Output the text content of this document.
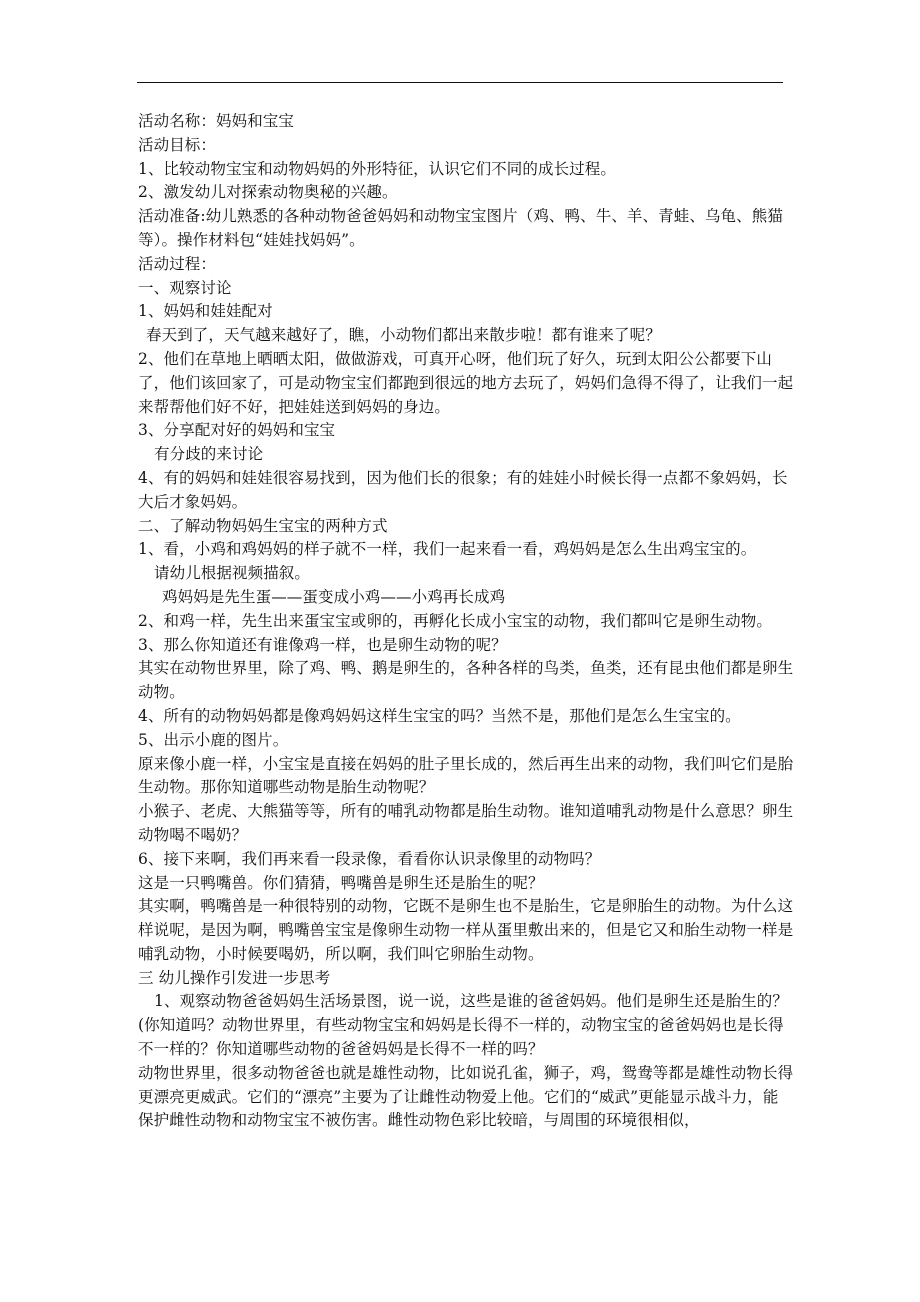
活动名称：妈妈和宝宝

活动目标：

1、比较动物宝宝和动物妈妈的外形特征，认识它们不同的成长过程。

2、激发幼儿对探索动物奥秘的兴趣。

活动准备:幼儿熟悉的各种动物爸爸妈妈和动物宝宝图片（鸡、鸭、牛、羊、青蛙、乌龟、熊猫等）。操作材料包“娃娃找妈妈”。

活动过程：

一、观察讨论

1、妈妈和娃娃配对

春天到了，天气越来越好了，瞧，小动物们都出来散步啦！都有谁来了呢？

2、他们在草地上晒晒太阳，做做游戏，可真开心呀，他们玩了好久，玩到太阳公公都要下山了，他们该回家了，可是动物宝宝们都跑到很远的地方去玩了，妈妈们急得不得了，让我们一起来帮帮他们好不好，把娃娃送到妈妈的身边。

3、分享配对好的妈妈和宝宝

有分歧的来讨论

4、有的妈妈和娃娃很容易找到，因为他们长的很象；有的娃娃小时候长得一点都不象妈妈，长大后才象妈妈。

二、了解动物妈妈生宝宝的两种方式

1、看，小鸡和鸡妈妈的样子就不一样，我们一起来看一看，鸡妈妈是怎么生出鸡宝宝的。

请幼儿根据视频描叙。

鸡妈妈是先生蛋——蛋变成小鸡——小鸡再长成鸡

2、和鸡一样，先生出来蛋宝宝或卵的，再孵化长成小宝宝的动物，我们都叫它是卵生动物。

3、那么你知道还有谁像鸡一样，也是卵生动物的呢？

其实在动物世界里，除了鸡、鸭、鹅是卵生的，各种各样的鸟类，鱼类，还有昆虫他们都是卵生动物。

4、所有的动物妈妈都是像鸡妈妈这样生宝宝的吗？当然不是，那他们是怎么生宝宝的。

5、出示小鹿的图片。

原来像小鹿一样，小宝宝是直接在妈妈的肚子里长成的，然后再生出来的动物，我们叫它们是胎生动物。那你知道哪些动物是胎生动物呢？

小猴子、老虎、大熊猫等等，所有的哺乳动物都是胎生动物。谁知道哺乳动物是什么意思？卵生动物喝不喝奶？

6、接下来啊，我们再来看一段录像，看看你认识录像里的动物吗？

这是一只鸭嘴兽。你们猜猜，鸭嘴兽是卵生还是胎生的呢？

其实啊，鸭嘴兽是一种很特别的动物，它既不是卵生也不是胎生，它是卵胎生的动物。为什么这样说呢，是因为啊，鸭嘴兽宝宝是像卵生动物一样从蛋里敷出来的，但是它又和胎生动物一样是哺乳动物，小时候要喝奶，所以啊，我们叫它卵胎生动物。

三 幼儿操作引发进一步思考

1、观察动物爸爸妈妈生活场景图，说一说，这些是谁的爸爸妈妈。他们是卵生还是胎生的？

(你知道吗？动物世界里，有些动物宝宝和妈妈是长得不一样的，动物宝宝的爸爸妈妈也是长得不一样的？你知道哪些动物的爸爸妈妈是长得不一样的吗？

动物世界里，很多动物爸爸也就是雄性动物，比如说孔雀，狮子，鸡，鸳鸯等都是雄性动物长得更漂亮更威武。它们的“漂亮”主要为了让雌性动物爱上他。它们的“威武”更能显示战斗力，能保护雌性动物和动物宝宝不被伤害。雌性动物色彩比较暗，与周围的环境很相似，
